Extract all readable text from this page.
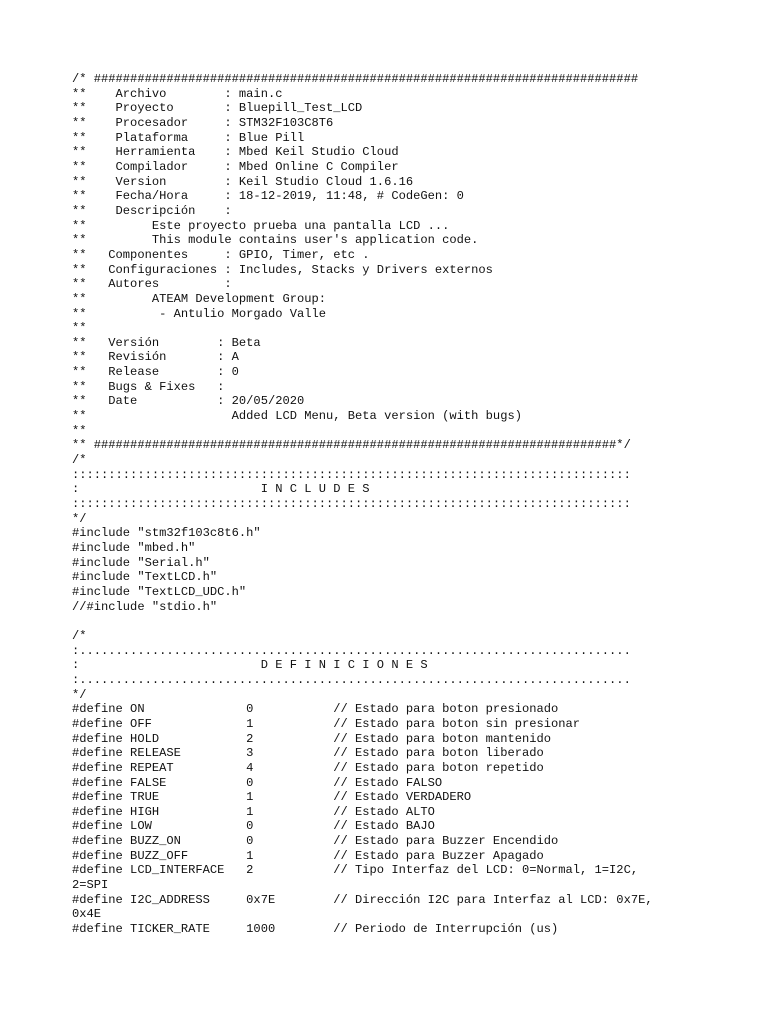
/* ###########################################################################
**    Archivo        : main.c
**    Proyecto       : Bluepill_Test_LCD
**    Procesador     : STM32F103C8T6
**    Plataforma     : Blue Pill
**    Herramienta    : Mbed Keil Studio Cloud
**    Compilador     : Mbed Online C Compiler
**    Version        : Keil Studio Cloud 1.6.16
**    Fecha/Hora     : 18-12-2019, 11:48, # CodeGen: 0
**    Descripción    :
**         Este proyecto prueba una pantalla LCD ...
**         This module contains user's application code.
**   Componentes     : GPIO, Timer, etc .
**   Configuraciones : Includes, Stacks y Drivers externos
**   Autores         :
**         ATEAM Development Group:
**          - Antulio Morgado Valle
**
**   Versión        : Beta
**   Revisión       : A
**   Release        : 0
**   Bugs & Fixes   :
**   Date           : 20/05/2020
**                    Added LCD Menu, Beta version (with bugs)
**
** ########################################################################*/
/*
:::::::::::::::::::::::::::::::::::::::::::::::::::::::::::::::::::::::::::::
:                         I N C L U D E S
:::::::::::::::::::::::::::::::::::::::::::::::::::::::::::::::::::::::::::::
*/
#include "stm32f103c8t6.h"
#include "mbed.h"
#include "Serial.h"
#include "TextLCD.h"
#include "TextLCD_UDC.h"
//#include "stdio.h"
/*
:............................................................................
:                         D E F I N I C I O N E S
:............................................................................
*/
#define ON              0           // Estado para boton presionado
#define OFF             1           // Estado para boton sin presionar
#define HOLD            2           // Estado para boton mantenido
#define RELEASE         3           // Estado para boton liberado
#define REPEAT          4           // Estado para boton repetido
#define FALSE           0           // Estado FALSO
#define TRUE            1           // Estado VERDADERO
#define HIGH            1           // Estado ALTO
#define LOW             0           // Estado BAJO
#define BUZZ_ON         0           // Estado para Buzzer Encendido
#define BUZZ_OFF        1           // Estado para Buzzer Apagado
#define LCD_INTERFACE   2           // Tipo Interfaz del LCD: 0=Normal, 1=I2C,
2=SPI
#define I2C_ADDRESS     0x7E        // Dirección I2C para Interfaz al LCD: 0x7E,
0x4E
#define TICKER_RATE     1000        // Periodo de Interrupción (us)
